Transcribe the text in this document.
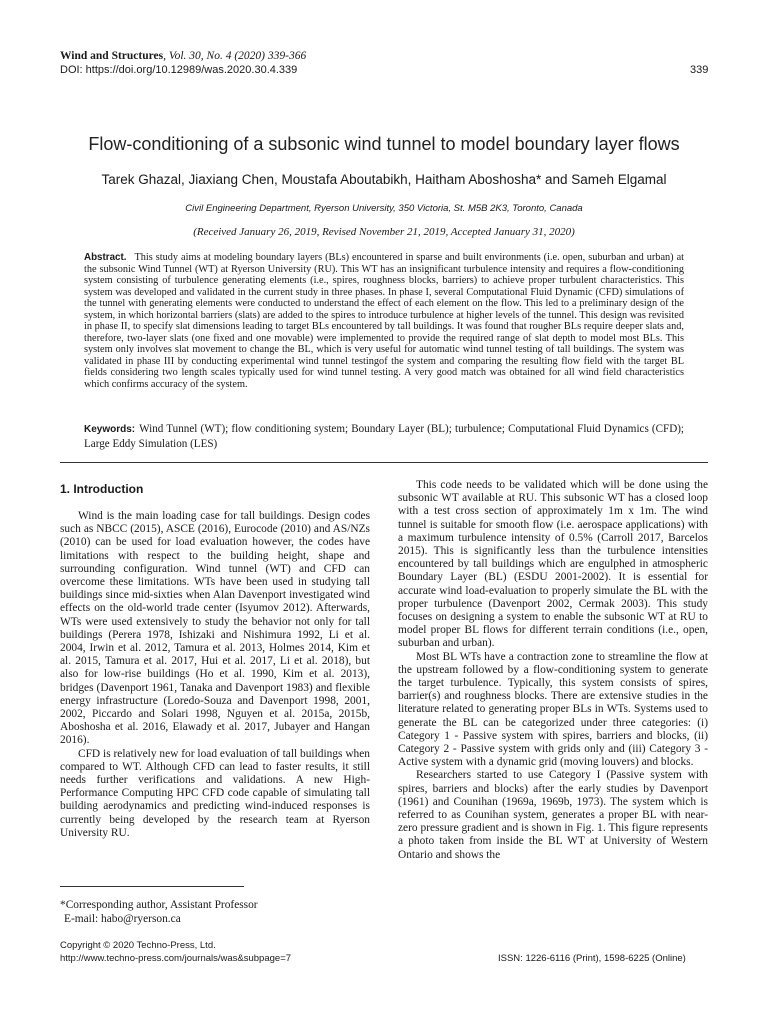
Wind and Structures, Vol. 30, No. 4 (2020) 339-366
DOI: https://doi.org/10.12989/was.2020.30.4.339	339
Flow-conditioning of a subsonic wind tunnel to model boundary layer flows
Tarek Ghazal, Jiaxiang Chen, Moustafa Aboutabikh, Haitham Aboshosha* and Sameh Elgamal
Civil Engineering Department, Ryerson University, 350 Victoria, St. M5B 2K3, Toronto, Canada
(Received January 26, 2019, Revised November 21, 2019, Accepted January 31, 2020)
Abstract. This study aims at modeling boundary layers (BLs) encountered in sparse and built environments (i.e. open, suburban and urban) at the subsonic Wind Tunnel (WT) at Ryerson University (RU). This WT has an insignificant turbulence intensity and requires a flow-conditioning system consisting of turbulence generating elements (i.e., spires, roughness blocks, barriers) to achieve proper turbulent characteristics. This system was developed and validated in the current study in three phases. In phase I, several Computational Fluid Dynamic (CFD) simulations of the tunnel with generating elements were conducted to understand the effect of each element on the flow. This led to a preliminary design of the system, in which horizontal barriers (slats) are added to the spires to introduce turbulence at higher levels of the tunnel. This design was revisited in phase II, to specify slat dimensions leading to target BLs encountered by tall buildings. It was found that rougher BLs require deeper slats and, therefore, two-layer slats (one fixed and one movable) were implemented to provide the required range of slat depth to model most BLs. This system only involves slat movement to change the BL, which is very useful for automatic wind tunnel testing of tall buildings. The system was validated in phase III by conducting experimental wind tunnel testingof the system and comparing the resulting flow field with the target BL fields considering two length scales typically used for wind tunnel testing. A very good match was obtained for all wind field characteristics which confirms accuracy of the system.
Keywords: Wind Tunnel (WT); flow conditioning system; Boundary Layer (BL); turbulence; Computational Fluid Dynamics (CFD); Large Eddy Simulation (LES)
1. Introduction

Wind is the main loading case for tall buildings. Design codes such as NBCC (2015), ASCE (2016), Eurocode (2010) and AS/NZs (2010) can be used for load evaluation however, the codes have limitations with respect to the building height, shape and surrounding configuration. Wind tunnel (WT) and CFD can overcome these limitations. WTs have been used in studying tall buildings since mid-sixties when Alan Davenport investigated wind effects on the old-world trade center (Isyumov 2012). Afterwards, WTs were used extensively to study the behavior not only for tall buildings (Perera 1978, Ishizaki and Nishimura 1992, Li et al. 2004, Irwin et al. 2012, Tamura et al. 2013, Holmes 2014, Kim et al. 2015, Tamura et al. 2017, Hui et al. 2017, Li et al. 2018), but also for low-rise buildings (Ho et al. 1990, Kim et al. 2013), bridges (Davenport 1961, Tanaka and Davenport 1983) and flexible energy infrastructure (Loredo-Souza and Davenport 1998, 2001, 2002, Piccardo and Solari 1998, Nguyen et al. 2015a, 2015b, Aboshosha et al. 2016, Elawady et al. 2017, Jubayer and Hangan 2016).

CFD is relatively new for load evaluation of tall buildings when compared to WT. Although CFD can lead to faster results, it still needs further verifications and validations. A new High-Performance Computing HPC CFD code capable of simulating tall building aerodynamics and predicting wind-induced responses is currently being developed by the research team at Ryerson University RU.

This code needs to be validated which will be done using the subsonic WT available at RU. This subsonic WT has a closed loop with a test cross section of approximately 1m x 1m. The wind tunnel is suitable for smooth flow (i.e. aerospace applications) with a maximum turbulence intensity of 0.5% (Carroll 2017, Barcelos 2015). This is significantly less than the turbulence intensities encountered by tall buildings which are engulphed in atmospheric Boundary Layer (BL) (ESDU 2001-2002). It is essential for accurate wind load-evaluation to properly simulate the BL with the proper turbulence (Davenport 2002, Cermak 2003). This study focuses on designing a system to enable the subsonic WT at RU to model proper BL flows for different terrain conditions (i.e., open, suburban and urban).

Most BL WTs have a contraction zone to streamline the flow at the upstream followed by a flow-conditioning system to generate the target turbulence. Typically, this system consists of spires, barrier(s) and roughness blocks. There are extensive studies in the literature related to generating proper BLs in WTs. Systems used to generate the BL can be categorized under three categories: (i) Category 1 - Passive system with spires, barriers and blocks, (ii) Category 2 - Passive system with grids only and (iii) Category 3 - Active system with a dynamic grid (moving louvers) and blocks.

Researchers started to use Category I (Passive system with spires, barriers and blocks) after the early studies by Davenport (1961) and Counihan (1969a, 1969b, 1973). The system which is referred to as Counihan system, generates a proper BL with near-zero pressure gradient and is shown in Fig. 1. This figure represents a photo taken from inside the BL WT at University of Western Ontario and shows the

*Corresponding author, Assistant Professor
E-mail: habo@ryerson.ca
Copyright © 2020 Techno-Press, Ltd.
http://www.techno-press.com/journals/was&subpage=7	ISSN: 1226-6116 (Print), 1598-6225 (Online)
